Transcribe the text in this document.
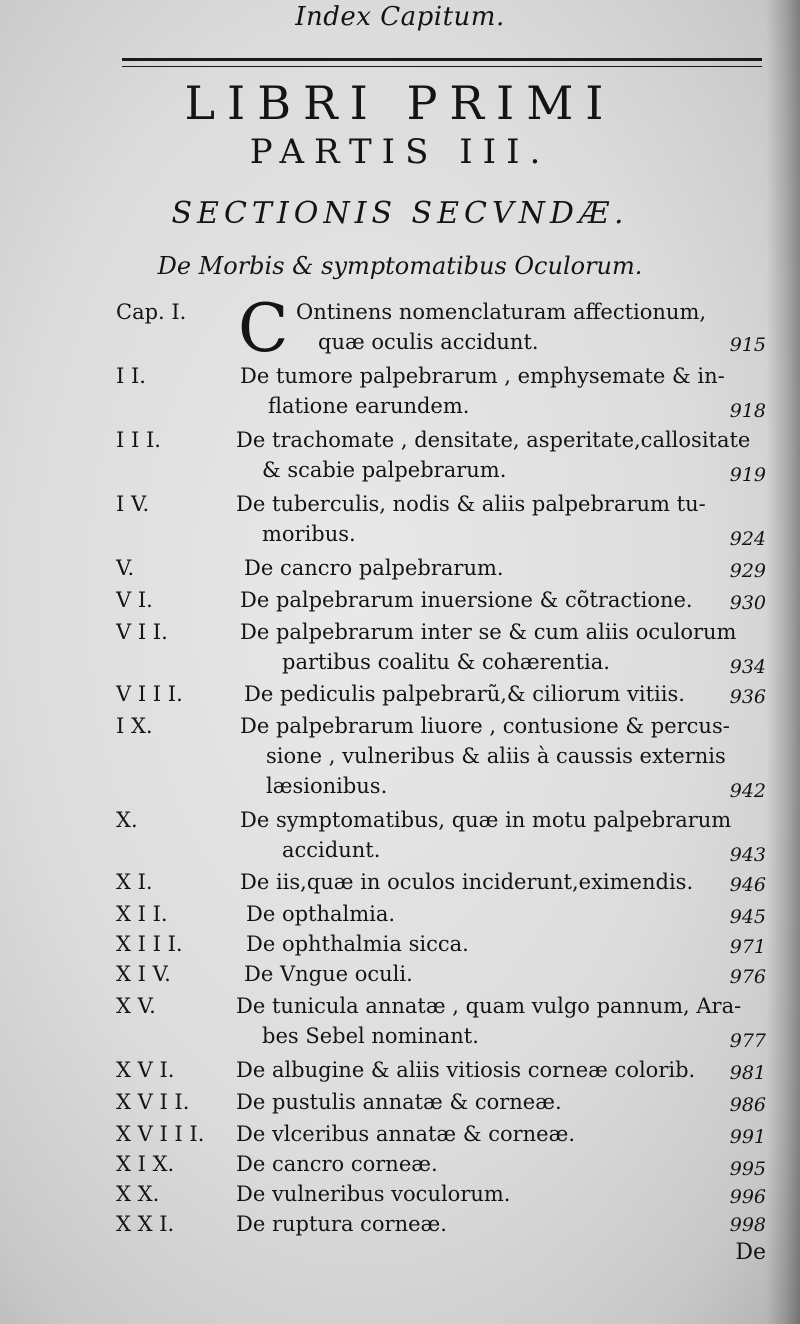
Index Capitum.
LIBRI PRIMI
PARTIS III.
SECTIONIS SECVNDÆ.
De Morbis & symptomatibus Oculorum.
C
Cap. I.	Ontinens nomenclaturam affectionum,
quæ oculis accidunt.	915
I I.	De tumore palpebrarum , emphysemate & in-
flatione earundem.	918
I I I.	De trachomate , densitate, asperitate,callositate
& scabie palpebrarum.	919
I V.	De tuberculis, nodis & aliis palpebrarum tu-
moribus.	924
V.	De cancro palpebrarum.	929
V I.	De palpebrarum inuersione & cõtractione. 930
V I I.	De palpebrarum inter se & cum aliis oculorum
partibus coalitu & cohærentia.	934
V I I I.	De pediculis palpebrarũ,& ciliorum vitiis. 936
I X.	De palpebrarum liuore , contusione & percus-
sione , vulneribus & aliis à caussis externis
læsionibus.	942
X.	De symptomatibus, quæ in motu palpebrarum
accidunt.	943
X I.	De iis,quæ in oculos inciderunt,eximendis. 946
X I I.	De opthalmia.	945
X I I I.	De ophthalmia sicca.	971
X I V.	De Vngue oculi.	976
X V.	De tunicula annatæ , quam vulgo pannum, Ara-
bes Sebel nominant.	977
X V I.	De albugine & aliis vitiosis corneæ colorib. 981
X V I I. De pustulis annatæ & corneæ.	986
X V I I I. De vlceribus annatæ & corneæ.	991
X I X.	De cancro corneæ.	995
X X.	De vulneribus voculorum.	996
X X I.	De ruptura corneæ.	998
De
